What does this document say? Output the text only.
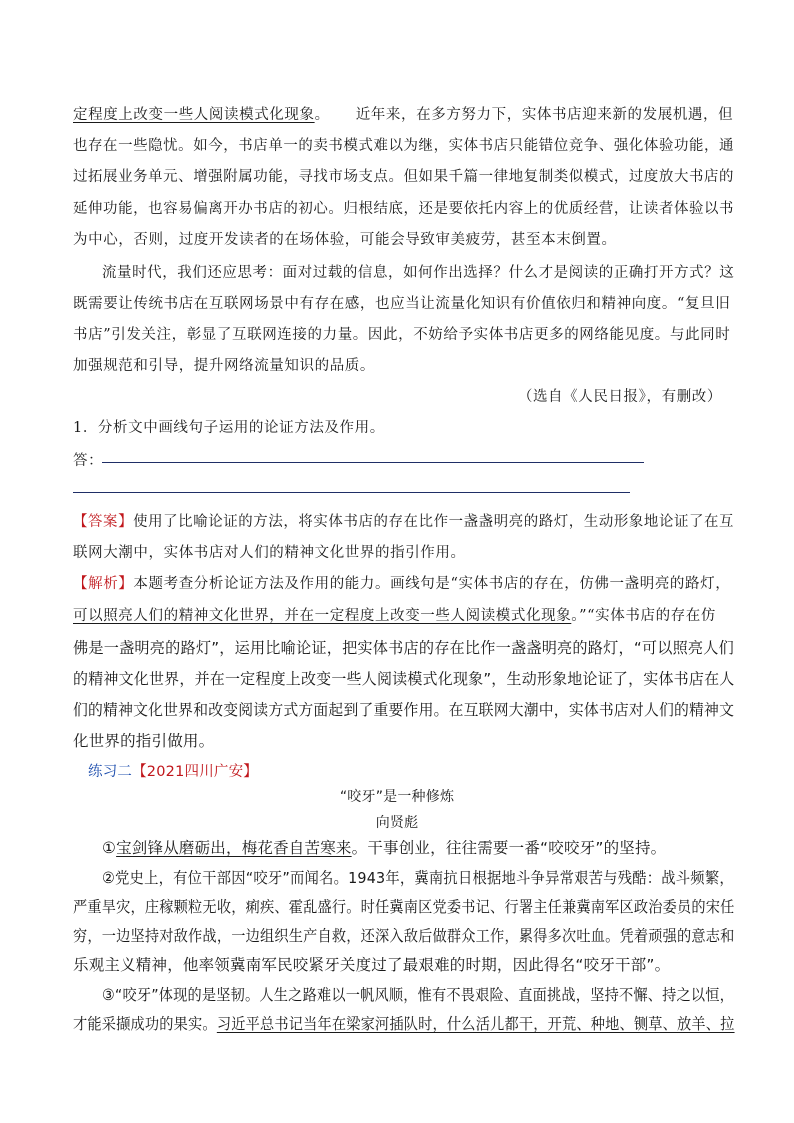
定程度上改变一些人阅读模式化现象。 近年来，在多方努力下，实体书店迎来新的发展机遇，但
也存在一些隐忧。如今，书店单一的卖书模式难以为继，实体书店只能错位竞争、强化体验功能，通
过拓展业务单元、增强附属功能，寻找市场支点。但如果千篇一律地复制类似模式，过度放大书店的
延伸功能，也容易偏离开办书店的初心。归根结底，还是要依托内容上的优质经营，让读者体验以书
为中心，否则，过度开发读者的在场体验，可能会导致审美疲劳，甚至本末倒置。
流量时代，我们还应思考：面对过载的信息，如何作出选择？什么才是阅读的正确打开方式？这
既需要让传统书店在互联网场景中有存在感，也应当让流量化知识有价值依归和精神向度。“复旦旧
书店”引发关注，彰显了互联网连接的力量。因此，不妨给予实体书店更多的网络能见度。与此同时
加强规范和引导，提升网络流量知识的品质。
（选自《人民日报》，有删改）
1．分析文中画线句子运用的论证方法及作用。
答：
【答案】使用了比喻论证的方法，将实体书店的存在比作一盏盏明亮的路灯，生动形象地论证了在互
联网大潮中，实体书店对人们的精神文化世界的指引作用。
【解析】本题考查分析论证方法及作用的能力。画线句是“实体书店的存在，仿佛一盏明亮的路灯，
可以照亮人们的精神文化世界，并在一定程度上改变一些人阅读模式化现象。”“实体书店的存在仿
佛是一盏明亮的路灯”，运用比喻论证，把实体书店的存在比作一盏盏明亮的路灯，“可以照亮人们
的精神文化世界，并在一定程度上改变一些人阅读模式化现象”，生动形象地论证了，实体书店在人
们的精神文化世界和改变阅读方式方面起到了重要作用。在互联网大潮中，实体书店对人们的精神文
化世界的指引做用。
练习二【2021四川广安】
“咬牙”是一种修炼
向贤彪
①宝剑锋从磨砺出，梅花香自苦寒来。干事创业，往往需要一番“咬咬牙”的坚持。
②党史上，有位干部因“咬牙”而闻名。1943年，冀南抗日根据地斗争异常艰苦与残酷：战斗频繁，
严重旱灾，庄稼颗粒无收，痢疾、霍乱盛行。时任冀南区党委书记、行署主任兼冀南军区政治委员的宋任
穷，一边坚持对敌作战，一边组织生产自救，还深入敌后做群众工作，累得多次吐血。凭着顽强的意志和
乐观主义精神，他率领冀南军民咬紧牙关度过了最艰难的时期，因此得名“咬牙干部”。
③“咬牙”体现的是坚韧。人生之路难以一帆风顺，惟有不畏艰险、直面挑战，坚持不懈、持之以恒，
才能采撷成功的果实。习近平总书记当年在梁家河插队时，什么活儿都干，开荒、种地、铡草、放羊、拉
